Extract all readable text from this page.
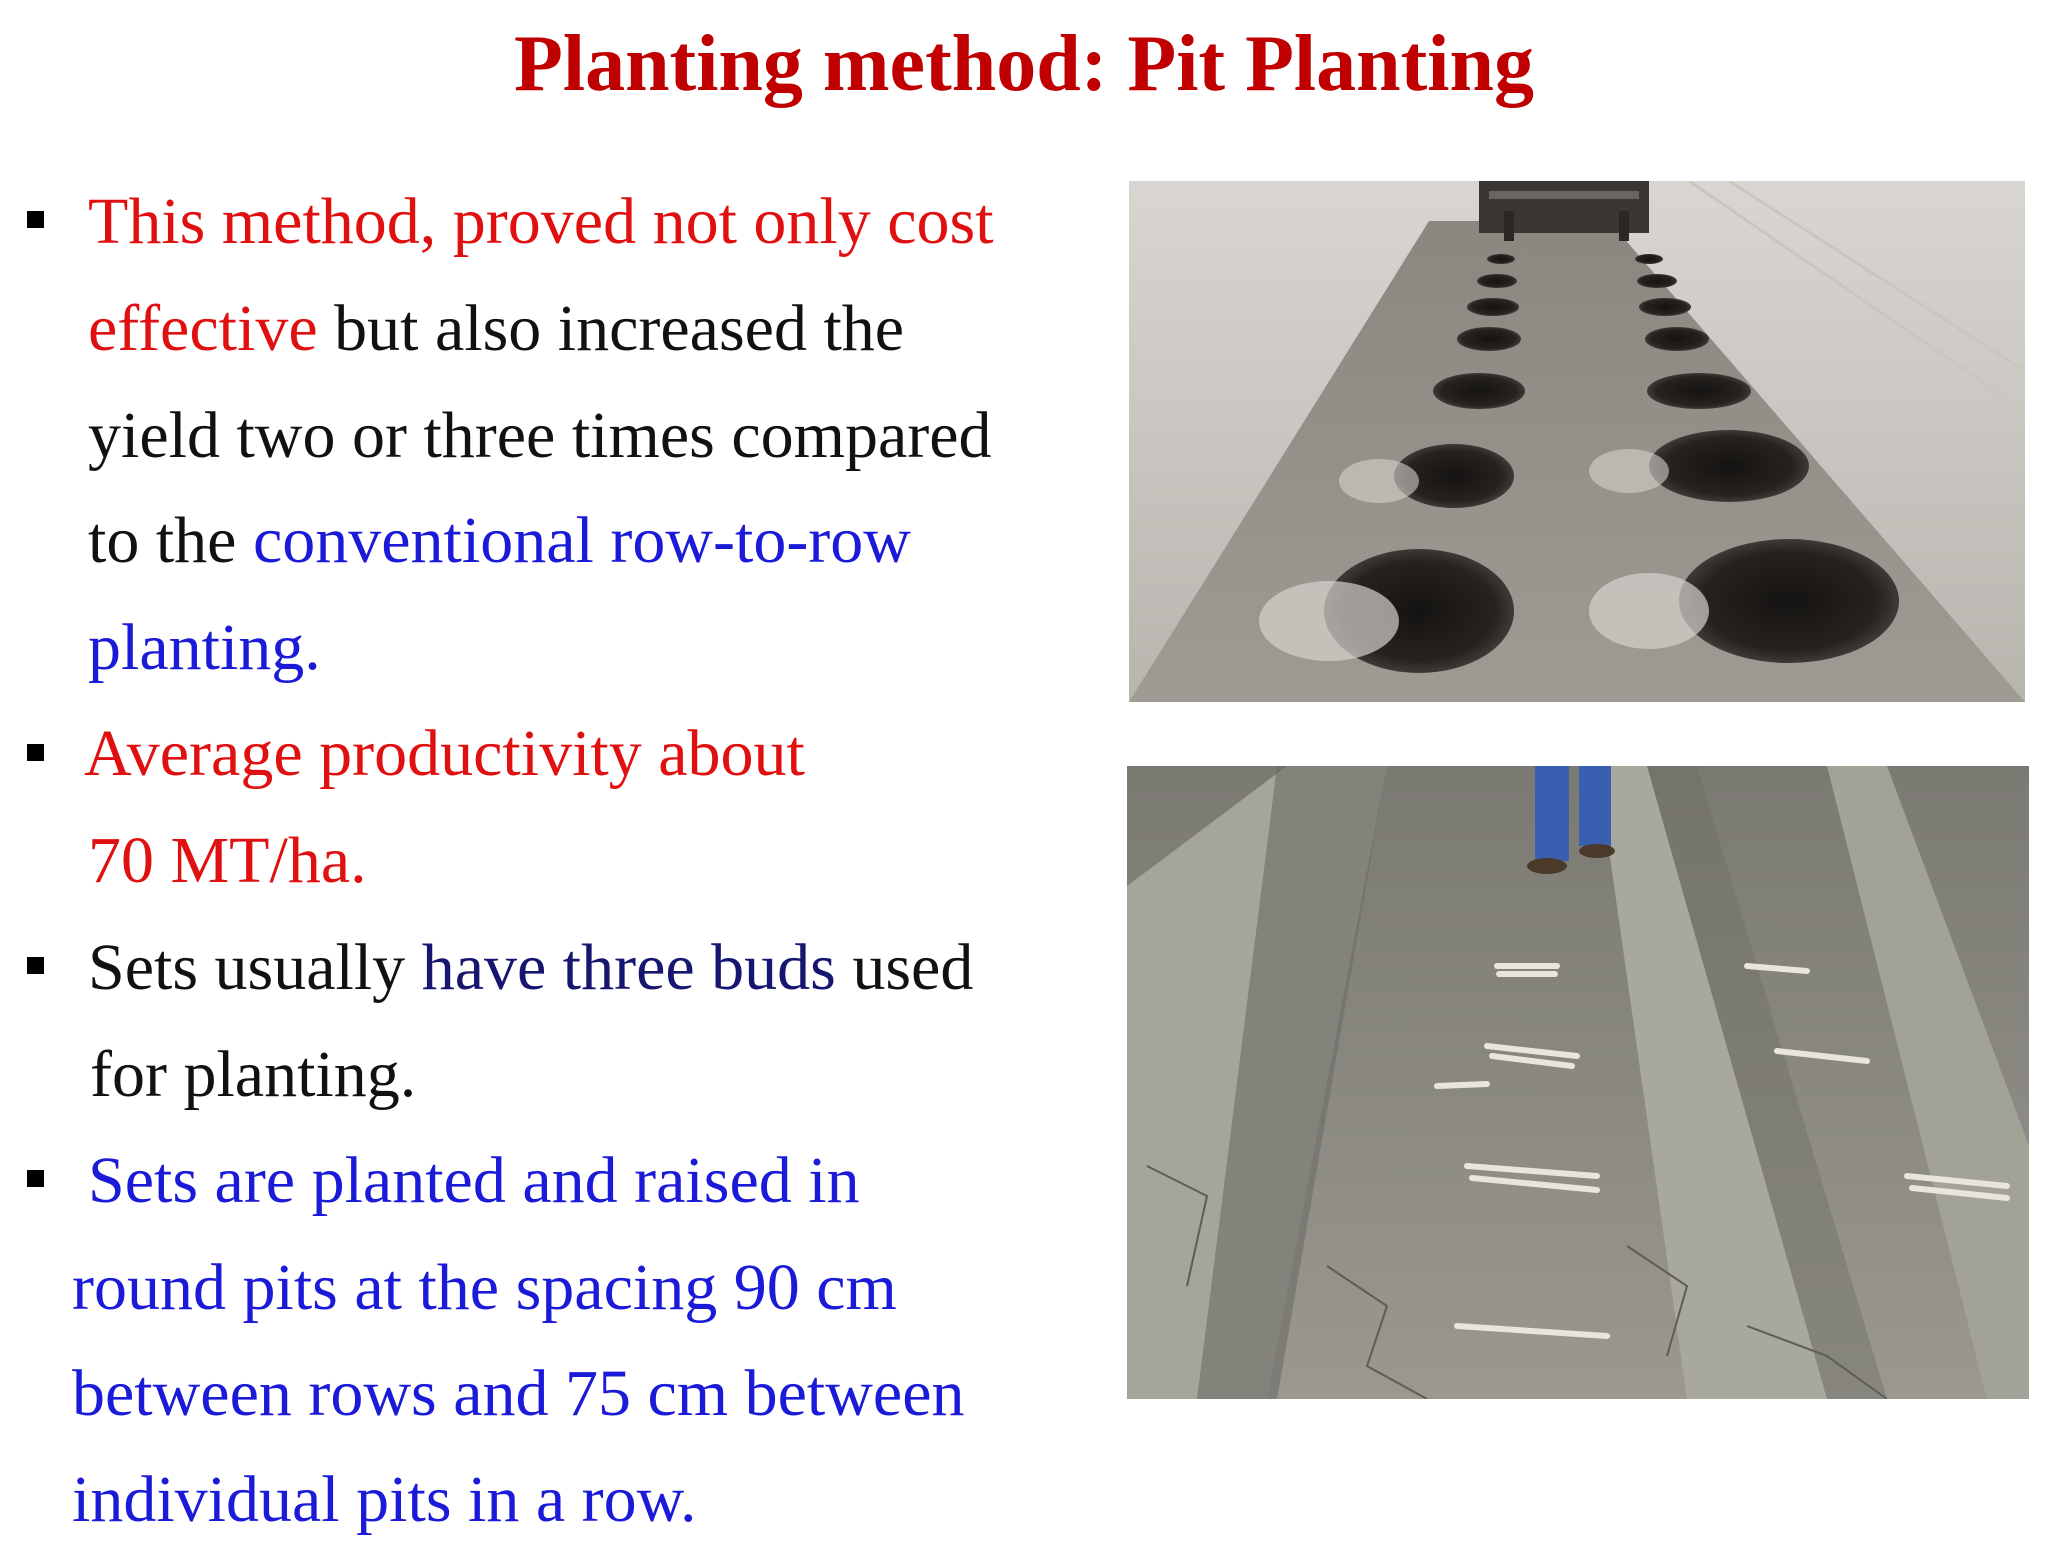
Planting method: Pit Planting
This method, proved not only cost
effective but also increased the
yield two or three times compared
to the conventional row-to-row
planting.
Average productivity about
70 MT/ha.
Sets usually have three buds used
for planting.
Sets are planted and raised in
round pits at the spacing 90 cm
between rows and 75 cm between
individual pits in a row.
